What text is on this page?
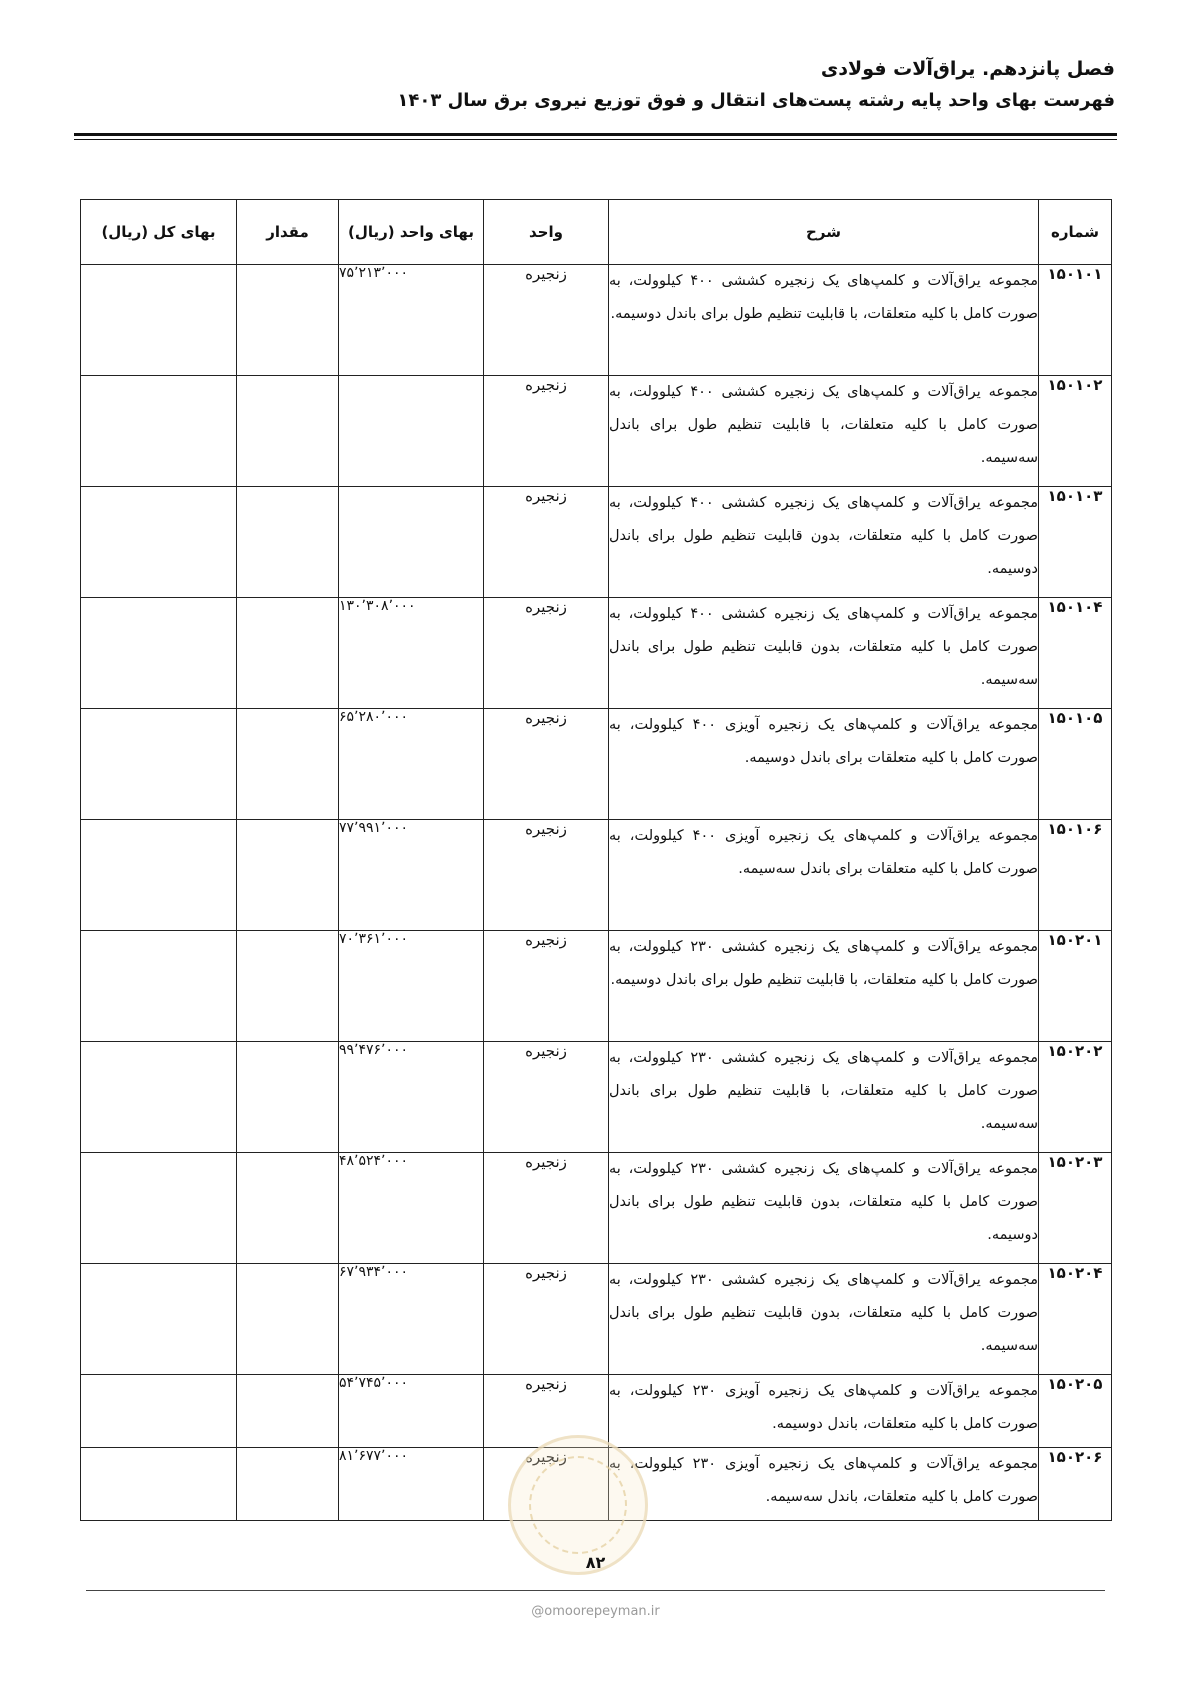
فصل پانزدهم. یراق‌آلات فولادی
فهرست بهای واحد پایه رشته پست‌های انتقال و فوق توزیع نیروی برق سال ۱۴۰۳
شماره	شرح	واحد	بهای واحد (ریال)	مقدار	بهای کل (ریال)
۱۵۰۱۰۱	مجموعه یراق‌آلات و کلمپ‌های یک زنجیره کششی ۴۰۰ کیلوولت، به صورت کامل با کلیه متعلقات، با قابلیت تنظیم طول برای باندل دوسیمه.	زنجیره	۷۵٬۲۱۳٬۰۰۰		
۱۵۰۱۰۲	مجموعه یراق‌آلات و کلمپ‌های یک زنجیره کششی ۴۰۰ کیلوولت، به صورت کامل با کلیه متعلقات، با قابلیت تنظیم طول برای باندل سه‌سیمه.	زنجیره			
۱۵۰۱۰۳	مجموعه یراق‌آلات و کلمپ‌های یک زنجیره کششی ۴۰۰ کیلوولت، به صورت کامل با کلیه متعلقات، بدون قابلیت تنظیم طول برای باندل دوسیمه.	زنجیره			
۱۵۰۱۰۴	مجموعه یراق‌آلات و کلمپ‌های یک زنجیره کششی ۴۰۰ کیلوولت، به صورت کامل با کلیه متعلقات، بدون قابلیت تنظیم طول برای باندل سه‌سیمه.	زنجیره	۱۳۰٬۳۰۸٬۰۰۰		
۱۵۰۱۰۵	مجموعه یراق‌آلات و کلمپ‌های یک زنجیره آویزی ۴۰۰ کیلوولت، به صورت کامل با کلیه متعلقات برای باندل دوسیمه.	زنجیره	۶۵٬۲۸۰٬۰۰۰		
۱۵۰۱۰۶	مجموعه یراق‌آلات و کلمپ‌های یک زنجیره آویزی ۴۰۰ کیلوولت، به صورت کامل با کلیه متعلقات برای باندل سه‌سیمه.	زنجیره	۷۷٬۹۹۱٬۰۰۰		
۱۵۰۲۰۱	مجموعه یراق‌آلات و کلمپ‌های یک زنجیره کششی ۲۳۰ کیلوولت، به صورت کامل با کلیه متعلقات، با قابلیت تنظیم طول برای باندل دوسیمه.	زنجیره	۷۰٬۳۶۱٬۰۰۰		
۱۵۰۲۰۲	مجموعه یراق‌آلات و کلمپ‌های یک زنجیره کششی ۲۳۰ کیلوولت، به صورت کامل با کلیه متعلقات، با قابلیت تنظیم طول برای باندل سه‌سیمه.	زنجیره	۹۹٬۴۷۶٬۰۰۰		
۱۵۰۲۰۳	مجموعه یراق‌آلات و کلمپ‌های یک زنجیره کششی ۲۳۰ کیلوولت، به صورت کامل با کلیه متعلقات، بدون قابلیت تنظیم طول برای باندل دوسیمه.	زنجیره	۴۸٬۵۲۴٬۰۰۰		
۱۵۰۲۰۴	مجموعه یراق‌آلات و کلمپ‌های یک زنجیره کششی ۲۳۰ کیلوولت، به صورت کامل با کلیه متعلقات، بدون قابلیت تنظیم طول برای باندل سه‌سیمه.	زنجیره	۶۷٬۹۳۴٬۰۰۰		
۱۵۰۲۰۵	مجموعه یراق‌آلات و کلمپ‌های یک زنجیره آویزی ۲۳۰ کیلوولت، به صورت کامل با کلیه متعلقات، باندل دوسیمه.	زنجیره	۵۴٬۷۴۵٬۰۰۰		
۱۵۰۲۰۶	مجموعه یراق‌آلات و کلمپ‌های یک زنجیره آویزی ۲۳۰ کیلوولت، به صورت کامل با کلیه متعلقات، باندل سه‌سیمه.	زنجیره	۸۱٬۶۷۷٬۰۰۰		
۸۲
@omoorepeyman.ir
